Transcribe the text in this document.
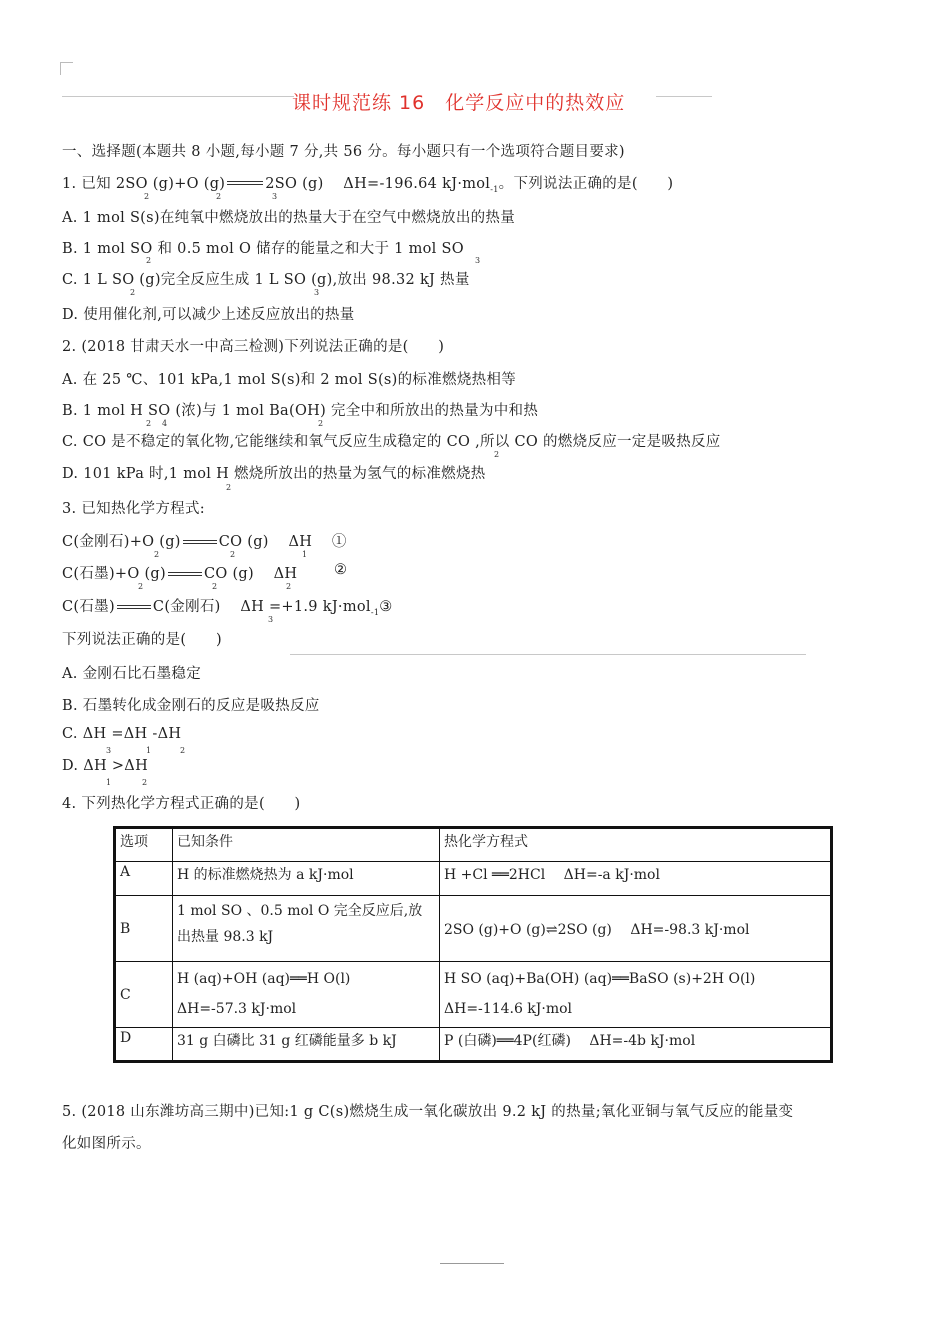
课时规范练 16　化学反应中的热效应
一、选择题(本题共 8 小题,每小题 7 分,共 56 分。每小题只有一个选项符合题目要求)
1. 已知 2SO (g)+O (g)	2SO (g)　 ΔH=-196.64 kJ·mol$_{-1}$。下列说法正确的是(　　)
2	2	3
A. 1 mol S(s)在纯氧中燃烧放出的热量大于在空气中燃烧放出的热量
B. 1 mol SO 和 0.5 mol O 储存的能量之和大于 1 mol SO
3
C. 1 L SO (g)完全反应生成 1 L SO (g),放出 98.32 kJ 热量
2
2	3
D. 使用催化剂,可以减少上述反应放出的热量
2. (2018 甘肃天水一中高三检测)下列说法正确的是(　　)
A. 在 25 ℃、101 kPa,1 mol S(s)和 2 mol S(s)的标准燃烧热相等
B. 1 mol H SO (浓)与 1 mol Ba(OH) 完全中和所放出的热量为中和热
2 4	2
C. CO 是不稳定的氧化物,它能继续和氧气反应生成稳定的 CO ,所以 CO 的燃烧反应一定是吸热反应
2
D. 101 kPa 时,1 mol H 燃烧所放出的热量为氢气的标准燃烧热
2
3. 已知热化学方程式:
C(金刚石)+O (g)	CO (g)　 ΔH 　①
2	2	1
C(石墨)+O (g)	CO (g)　 ΔH	②
2	2	2
C(石墨)	C(金刚石)　 ΔH =+1.9 kJ·mol$_{-1}$③
3
下列说法正确的是(　　)
A. 金刚石比石墨稳定
B. 石墨转化成金刚石的反应是吸热反应
C. ΔH =ΔH -ΔH
3	1	2
D. ΔH >ΔH
1	2
4. 下列热化学方程式正确的是(　　)
选项	已知条件	热化学方程式
A	H 的标准燃烧热为 a kJ·mol	H +Cl ══2HCl　 ΔH=-a kJ·mol
B	1 mol SO 、0.5 mol O 完全反应后,放出热量 98.3 kJ	2SO (g)+O (g)⇌2SO (g)　 ΔH=-98.3 kJ·mol
C	H (aq)+OH (aq)══H O(l)　 ΔH=-57.3 kJ·mol	H SO (aq)+Ba(OH) (aq)══BaSO (s)+2H O(l)　 ΔH=-114.6 kJ·mol
D	31 g 白磷比 31 g 红磷能量多 b kJ	P (白磷)══4P(红磷)　 ΔH=-4b kJ·mol
5. (2018 山东潍坊高三期中)已知:1 g C(s)燃烧生成一氧化碳放出 9.2 kJ 的热量;氧化亚铜与氧气反应的能量变
化如图所示。
